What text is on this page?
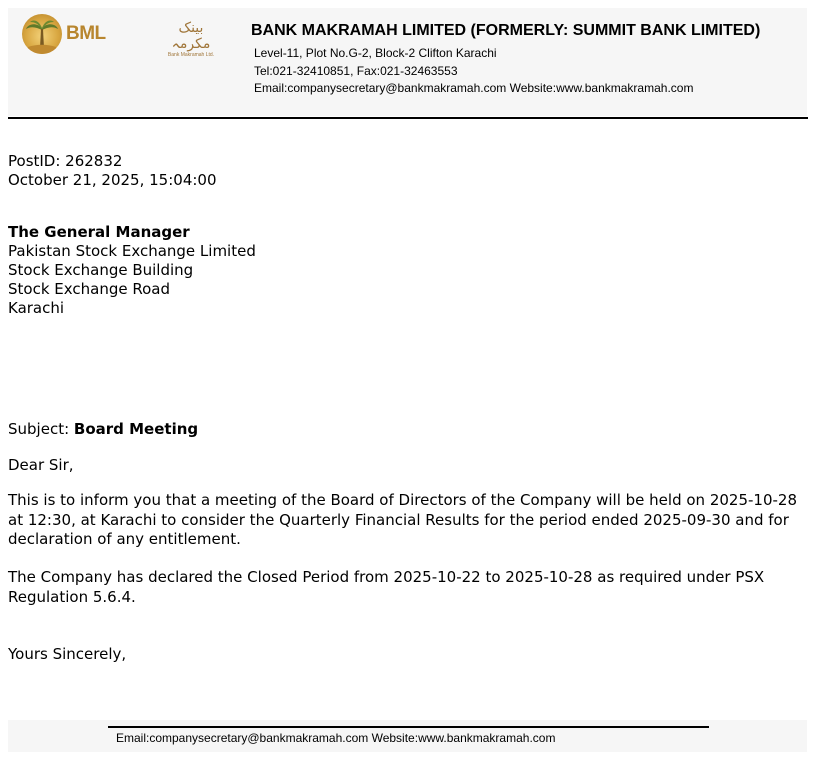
BML	بینک مکرمہ
Bank Makramah Ltd.
BANK MAKRAMAH LIMITED (FORMERLY: SUMMIT BANK LIMITED)
Level-11, Plot No.G-2, Block-2 Clifton Karachi
Tel:021-32410851, Fax:021-32463553
Email:companysecretary@bankmakramah.com Website:www.bankmakramah.com
PostID: 262832
October 21, 2025, 15:04:00
The General Manager
Pakistan Stock Exchange Limited
Stock Exchange Building
Stock Exchange Road
Karachi
Subject: Board Meeting
Dear Sir,
This is to inform you that a meeting of the Board of Directors of the Company will be held on 2025-10-28 at 12:30, at Karachi to consider the Quarterly Financial Results for the period ended 2025-09-30 and for declaration of any entitlement.
The Company has declared the Closed Period from 2025-10-22 to 2025-10-28 as required under PSX Regulation 5.6.4.
Yours Sincerely,
Email:companysecretary@bankmakramah.com Website:www.bankmakramah.com
